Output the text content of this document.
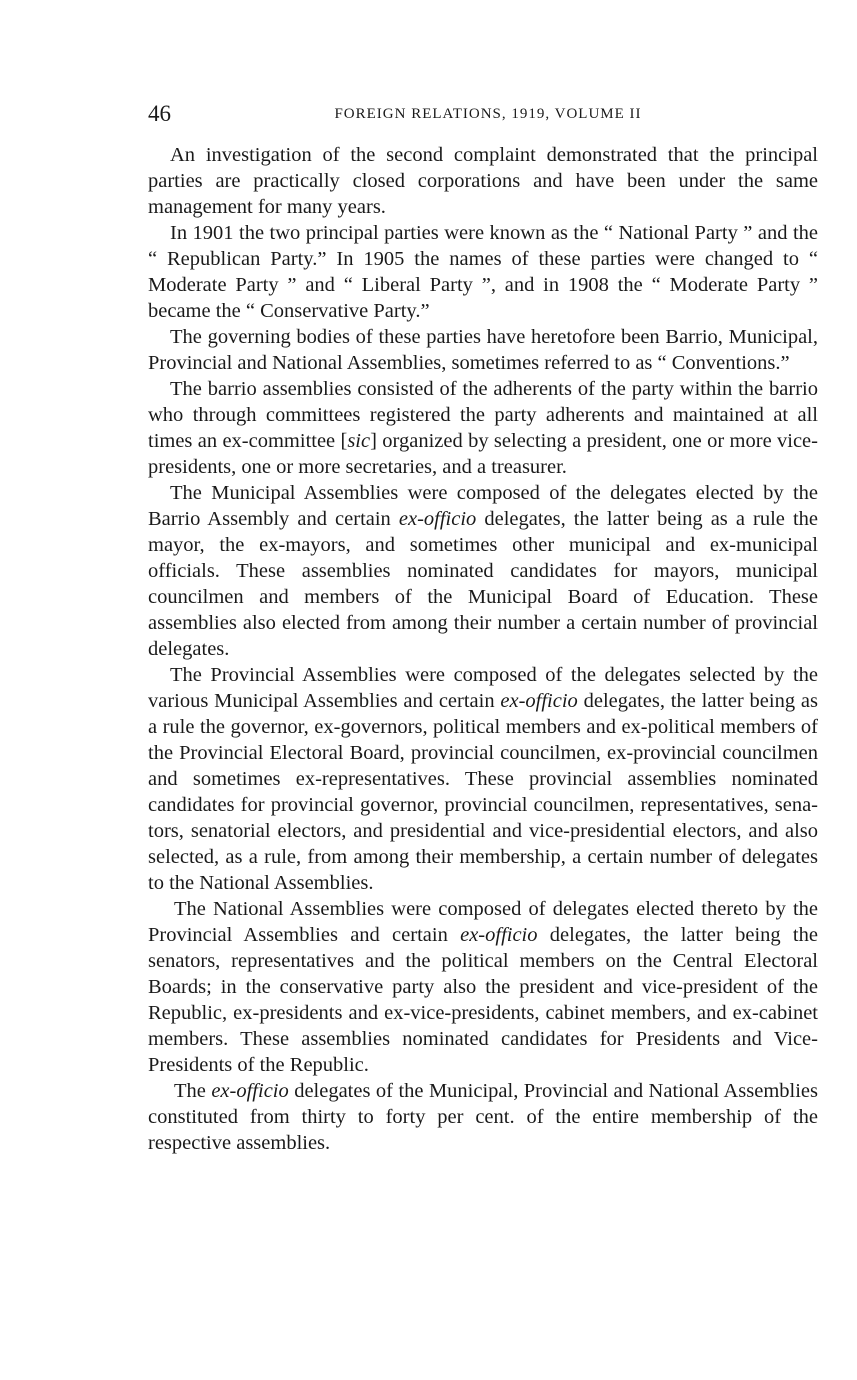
46	FOREIGN RELATIONS, 1919, VOLUME II

An investigation of the second complaint demonstrated that the principal parties are practically closed corporations and have been under the same management for many years.

In 1901 the two principal parties were known as the “ National Party ” and the “ Republican Party.” In 1905 the names of these parties were changed to “ Moderate Party ” and “ Liberal Party ”, and in 1908 the “ Moderate Party ” became the “ Conservative Party.”

The governing bodies of these parties have heretofore been Barrio, Municipal, Provincial and National Assemblies, sometimes referred to as “ Conventions.”

The barrio assemblies consisted of the adherents of the party within the barrio who through committees registered the party adherents and maintained at all times an ex-committee [sic] organized by selecting a president, one or more vice-presidents, one or more secretaries, and a treasurer.

The Municipal Assemblies were composed of the delegates elected by the Barrio Assembly and certain ex-officio delegates, the latter being as a rule the mayor, the ex-mayors, and sometimes other municipal and ex-municipal officials. These assemblies nominated candidates for mayors, municipal councilmen and members of the Municipal Board of Education. These assemblies also elected from among their number a certain number of provincial delegates.

The Provincial Assemblies were composed of the delegates selected by the various Municipal Assemblies and certain ex-officio delegates, the latter being as a rule the governor, ex-governors, political members and ex-political members of the Provincial Electoral Board, provincial councilmen, ex-provincial councilmen and sometimes ex-representatives. These provincial assemblies nominated candidates for provincial governor, provincial councilmen, representatives, senators, senatorial electors, and presidential and vice-presidential electors, and also selected, as a rule, from among their membership, a certain number of delegates to the National Assemblies.

The National Assemblies were composed of delegates elected thereto by the Provincial Assemblies and certain ex-officio delegates, the latter being the senators, representatives and the political members on the Central Electoral Boards; in the conservative party also the president and vice-president of the Republic, ex-presidents and ex-vice-presidents, cabinet members, and ex-cabinet members. These assemblies nominated candidates for Presidents and Vice-Presidents of the Republic.

The ex-officio delegates of the Municipal, Provincial and National Assemblies constituted from thirty to forty per cent. of the entire membership of the respective assemblies.
